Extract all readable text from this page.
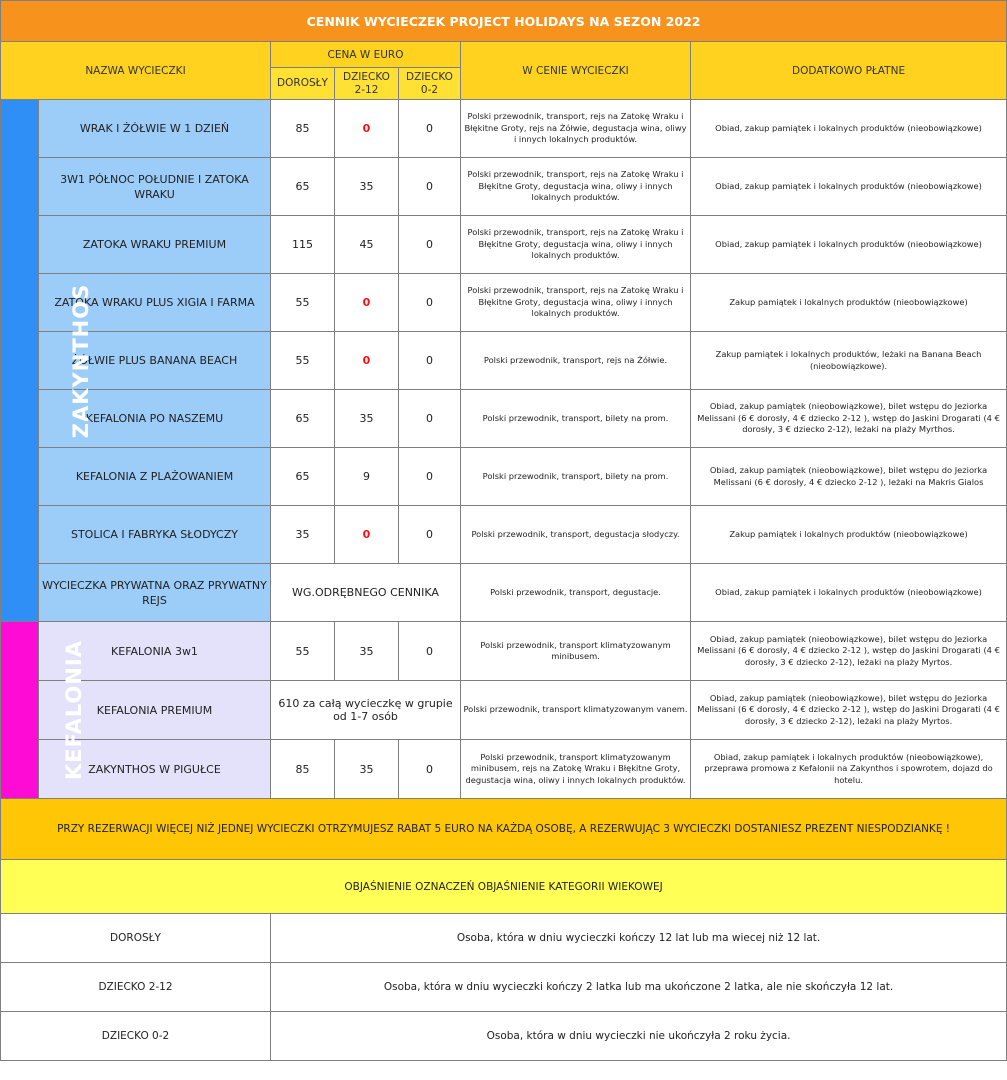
CENNIK WYCIECZEK PROJECT HOLIDAYS NA SEZON 2022						
NAZWA WYCIECZKI		CENA W EURO			W CENIE WYCIECZKI	DODATKOWO PŁATNE
		DOROSŁY	DZIECKO 2-12	DZIECKO 0-2		
ZAKYNTHOS	WRAK I ŻÓŁWIE W 1 DZIEŃ	85	0	0	Polski przewodnik, transport, rejs na Zatokę Wraku i Błękitne Groty, rejs na Żółwie, degustacja wina, oliwy i innych lokalnych produktów.	Obiad, zakup pamiątek i lokalnych produktów (nieobowiązkowe)
	3W1 PÓŁNOC POŁUDNIE I ZATOKA WRAKU	65	35	0	Polski przewodnik, transport, rejs na Zatokę Wraku i Błękitne Groty, degustacja wina, oliwy i innych lokalnych produktów.	Obiad, zakup pamiątek i lokalnych produktów (nieobowiązkowe)
	ZATOKA WRAKU PREMIUM	115	45	0	Polski przewodnik, transport, rejs na Zatokę Wraku i Błękitne Groty, degustacja wina, oliwy i innych lokalnych produktów.	Obiad, zakup pamiątek i lokalnych produktów (nieobowiązkowe)
	ZATOKA WRAKU PLUS XIGIA I FARMA	55	0	0	Polski przewodnik, transport, rejs na Zatokę Wraku i Błękitne Groty, degustacja wina, oliwy i innych lokalnych produktów.	Zakup pamiątek i lokalnych produktów (nieobowiązkowe)
	ŻÓŁWIE PLUS BANANA BEACH	55	0	0	Polski przewodnik, transport, rejs na Żółwie.	Zakup pamiątek i lokalnych produktów, leżaki na Banana Beach (nieobowiązkowe).
	KEFALONIA PO NASZEMU	65	35	0	Polski przewodnik, transport, bilety na prom.	Obiad, zakup pamiątek (nieobowiązkowe), bilet wstępu do Jeziorka Melissani (6 € dorosły, 4 € dziecko 2-12 ), wstęp do Jaskini Drogarati (4 € dorosły, 3 € dziecko 2-12), leżaki na plaży Myrthos.
	KEFALONIA Z PLAŻOWANIEM	65	9	0	Polski przewodnik, transport, bilety na prom.	Obiad, zakup pamiątek (nieobowiązkowe), bilet wstępu do Jeziorka Melissani (6 € dorosły, 4 € dziecko 2-12 ), leżaki na Makris Gialos
	STOLICA I FABRYKA SŁODYCZY	35	0	0	Polski przewodnik, transport, degustacja słodyczy.	Zakup pamiątek i lokalnych produktów (nieobowiązkowe)
	WYCIECZKA PRYWATNA ORAZ PRYWATNY REJS	WG.ODRĘBNEGO CENNIKA			Polski przewodnik, transport, degustacje.	Obiad, zakup pamiątek i lokalnych produktów (nieobowiązkowe)
KEFALONIA	KEFALONIA 3w1	55	35	0	Polski przewodnik, transport klimatyzowanym minibusem.	Obiad, zakup pamiątek (nieobowiązkowe), bilet wstępu do Jeziorka Melissani (6 € dorosły, 4 € dziecko 2-12 ), wstęp do Jaskini Drogarati (4 € dorosły, 3 € dziecko 2-12), leżaki na plaży Myrtos.
	KEFALONIA PREMIUM	610 za całą wycieczkę w grupie od 1-7 osób			Polski przewodnik, transport klimatyzowanym vanem.	Obiad, zakup pamiątek (nieobowiązkowe), bilet wstępu do Jeziorka Melissani (6 € dorosły, 4 € dziecko 2-12 ), wstęp do Jaskini Drogarati (4 € dorosły, 3 € dziecko 2-12), leżaki na plaży Myrtos.
	ZAKYNTHOS W PIGUŁCE	85	35	0	Polski przewodnik, transport klimatyzowanym minibusem, rejs na Zatokę Wraku i Błękitne Groty, degustacja wina, oliwy i innych lokalnych produktów.	Obiad, zakup pamiątek i lokalnych produktów (nieobowiązkowe), przeprawa promowa z Kefalonii na Zakynthos i spowrotem, dojazd do hotelu.
PRZY REZERWACJI WIĘCEJ NIŻ JEDNEJ WYCIECZKI OTRZYMUJESZ RABAT 5 EURO NA KAŻDĄ OSOBĘ, A REZERWUJĄC 3 WYCIECZKI DOSTANIESZ PREZENT NIESPODZIANKĘ !						
OBJAŚNIENIE OZNACZEŃ OBJAŚNIENIE KATEGORII WIEKOWEJ						
DOROSŁY		Osoba, która w dniu wycieczki kończy 12 lat lub ma wiecej niż 12 lat.				
DZIECKO 2-12		Osoba, która w dniu wycieczki kończy 2 latka lub ma ukończone 2 latka, ale nie skończyła 12 lat.				
DZIECKO 0-2		Osoba, która w dniu wycieczki nie ukończyła 2 roku życia.				
